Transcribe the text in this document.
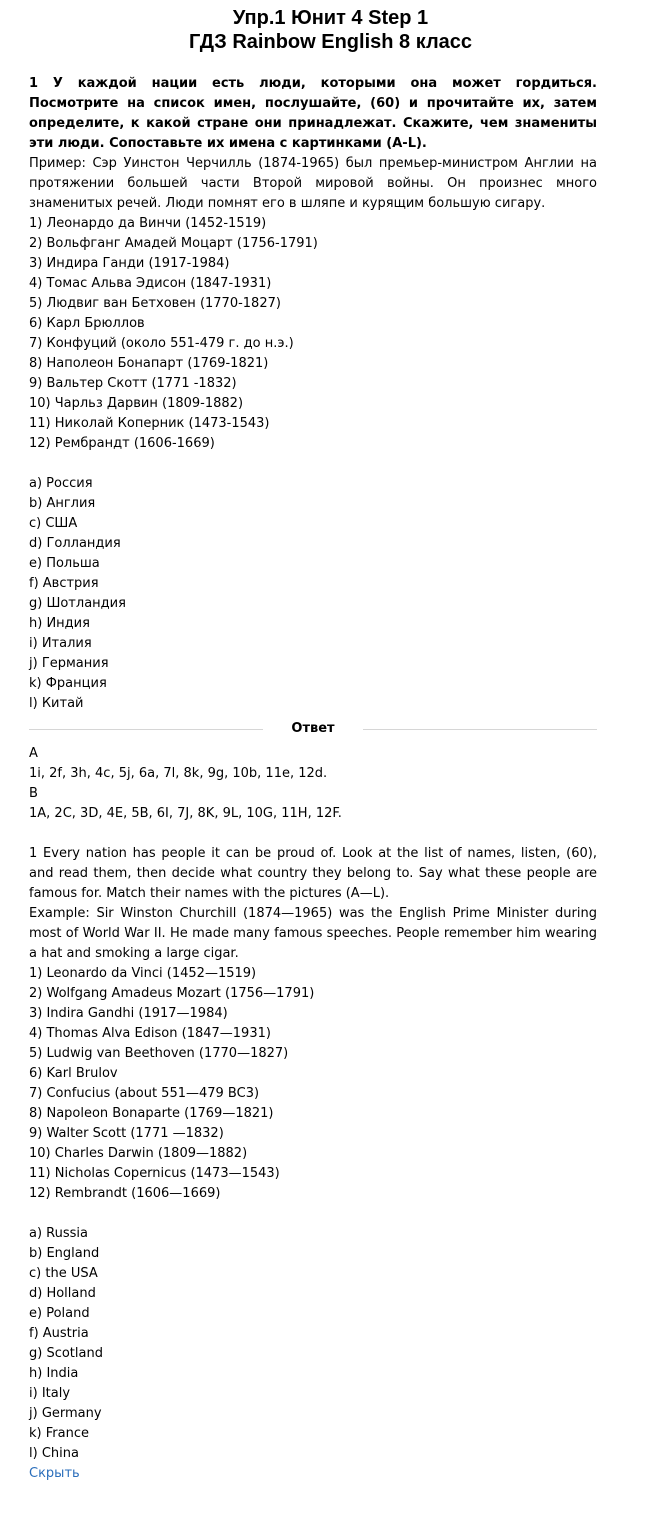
Упр.1 Юнит 4 Step 1
ГДЗ Rainbow English 8 класс
1 У каждой нации есть люди, которыми она может гордиться. Посмотрите на список имен, послушайте, (60) и прочитайте их, затем определите, к какой стране они принадлежат. Скажите, чем знамениты эти люди. Сопоставьте их имена с картинками (A-L).
Пример: Сэр Уинстон Черчилль (1874-1965) был премьер-министром Англии на протяжении большей части Второй мировой войны. Он произнес много знаменитых речей. Люди помнят его в шляпе и курящим большую сигару.
1) Леонардо да Винчи (1452-1519)
2) Вольфганг Амадей Моцарт (1756-1791)
3) Индира Ганди (1917-1984)
4) Томас Альва Эдисон (1847-1931)
5) Людвиг ван Бетховен (1770-1827)
6) Карл Брюллов
7) Конфуций (около 551-479 г. до н.э.)
8) Наполеон Бонапарт (1769-1821)
9) Вальтер Скотт (1771 -1832)
10) Чарльз Дарвин (1809-1882)
11) Николай Коперник (1473-1543)
12) Рембрандт (1606-1669)
a) Россия
b) Англия
c) США
d) Голландия
e) Польша
f) Австрия
g) Шотландия
h) Индия
i) Италия
j) Германия
k) Франция
l) Китай
Ответ
A
1i, 2f, 3h, 4c, 5j, 6a, 7l, 8k, 9g, 10b, 11e, 12d.
B
1A, 2C, 3D, 4E, 5B, 6I, 7J, 8K, 9L, 10G, 11H, 12F.
1 Every nation has people it can be proud of. Look at the list of names, listen, (60), and read them, then decide what country they belong to. Say what these people are famous for. Match their names with the pictures (A—L).
Example: Sir Winston Churchill (1874—1965) was the English Prime Minister during most of World War II. He made many famous speeches. People remember him wearing a hat and smoking a large cigar.
1) Leonardo da Vinci (1452—1519)
2) Wolfgang Amadeus Mozart (1756—1791)
3) Indira Gandhi (1917—1984)
4) Thomas Alva Edison (1847—1931)
5) Ludwig van Beethoven (1770—1827)
6) Karl Brulov
7) Confucius (about 551—479 BC3)
8) Napoleon Bonaparte (1769—1821)
9) Walter Scott (1771 —1832)
10) Charles Darwin (1809—1882)
11) Nicholas Copernicus (1473—1543)
12) Rembrandt (1606—1669)
a) Russia
b) England
c) the USA
d) Holland
e) Poland
f) Austria
g) Scotland
h) India
i) Italy
j) Germany
k) France
l) China
Скрыть
